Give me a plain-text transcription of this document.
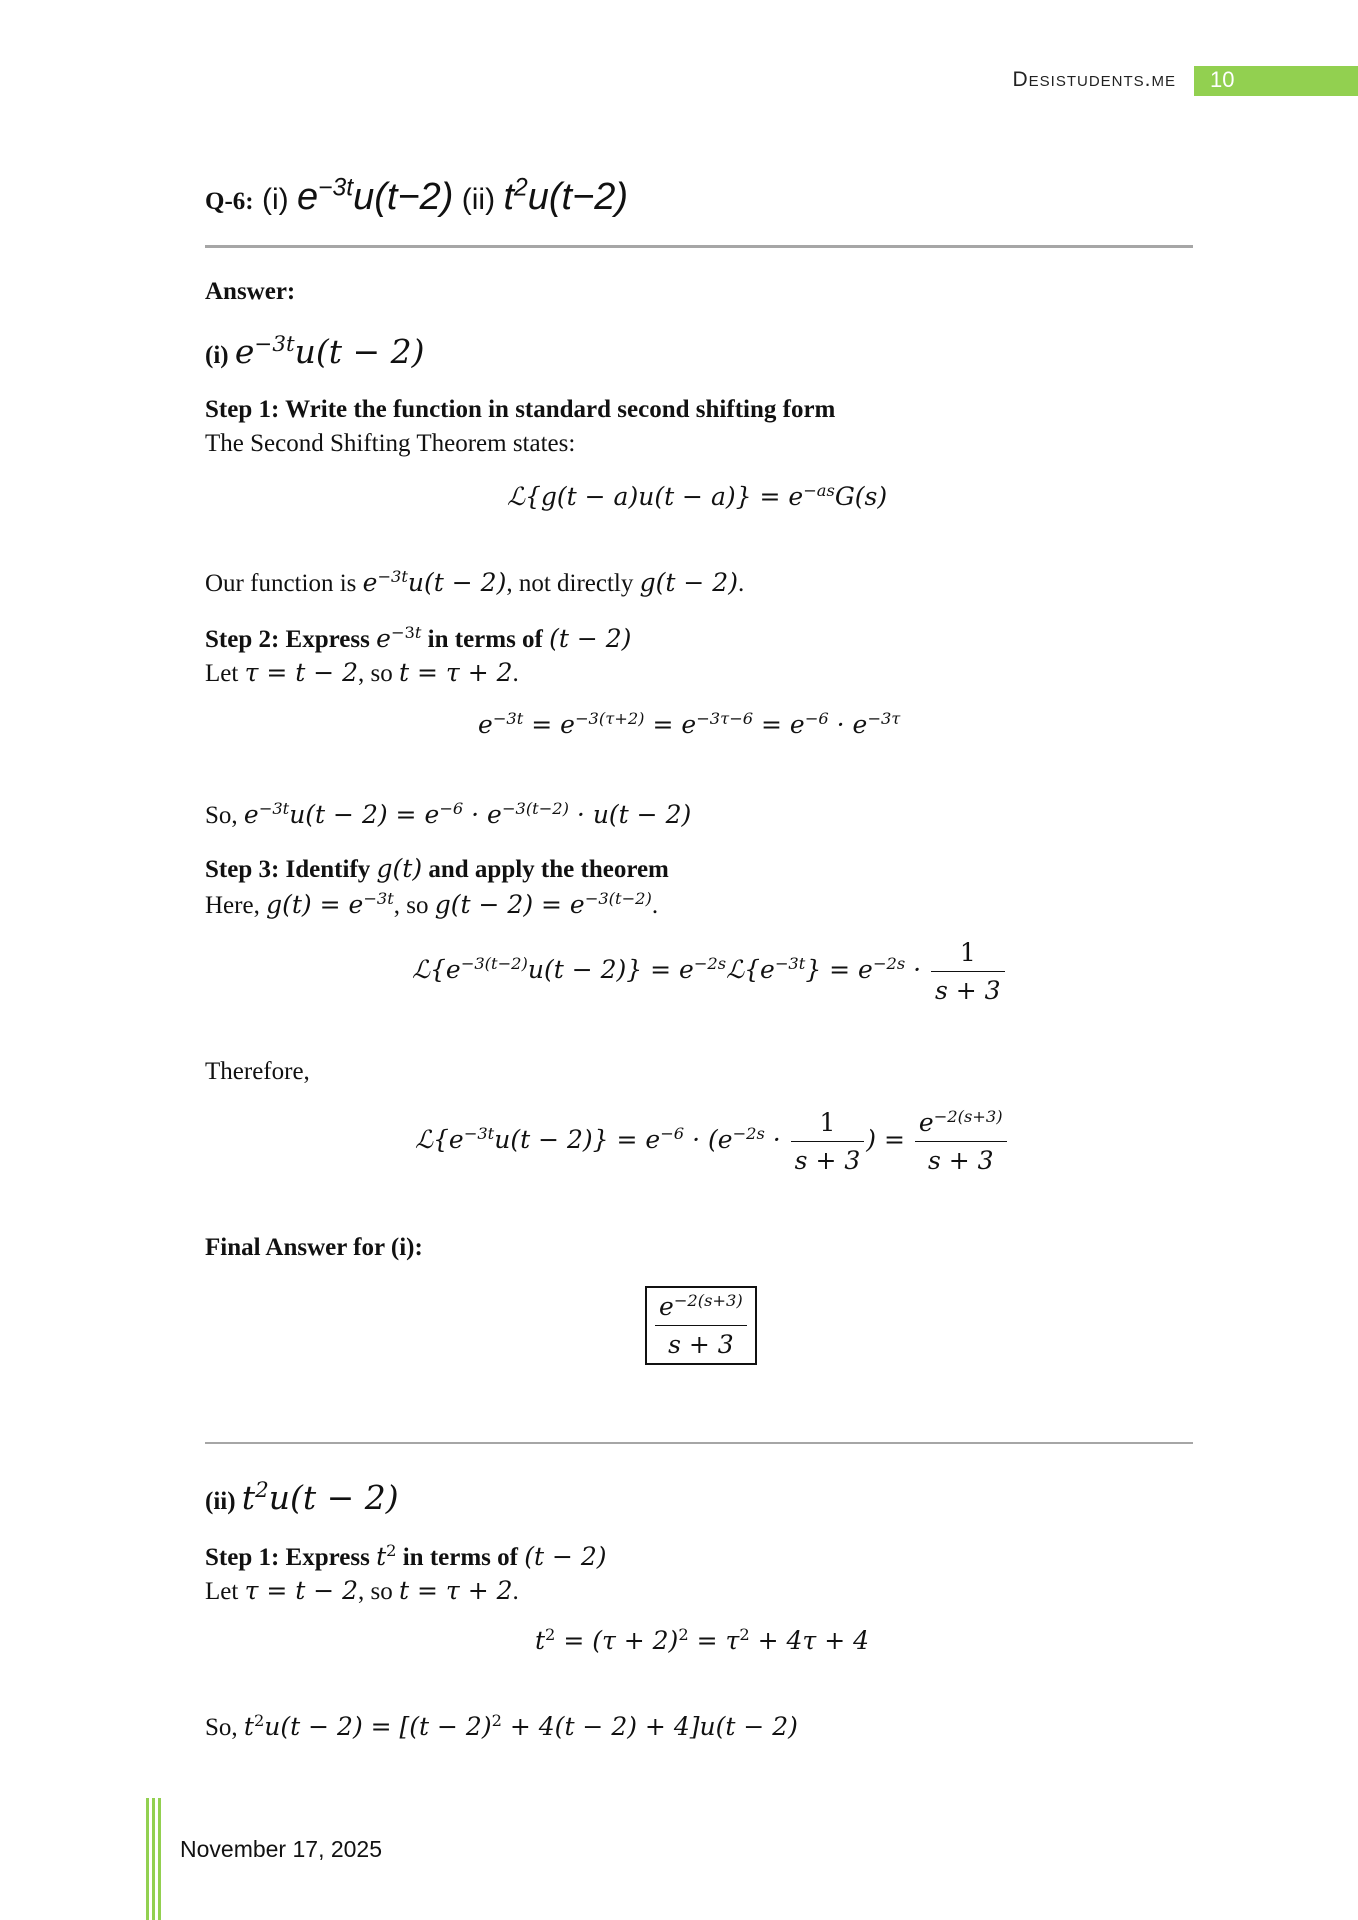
Desistudents.me 10
Q-6: (i) $e^{-3t}u(t-2)$ (ii) $t^2u(t-2)$
Answer:
(i) $e^{-3t}u(t - 2)$
Step 1: Write the function in standard second shifting form
The Second Shifting Theorem states:
ℒ{g(t − $a)u(t - a)\} = e^{-as}G(s)$
Our function is $e^{-3t}u(t - 2)$, not directly g(t − 2).
Step 2: Express $e^{-3t}$ in terms of (t − 2)
Let τ = t − 2, so t = τ + 2.
$e^{-3t} = e^{-3(\tau+2)} = e^{-3\tau-6} = e^{-6} \cdot e^{-3\tau}$
So, $e^{-3t}u(t - 2) = e^{-6} \cdot e^{-3(t-2)} \cdot u(t - 2)$
Step 3: Identify g(t) and apply the theorem
Here, $g(t) = e^{-3t}$, so $g(t - 2) = e^{-3(t-2)}$.
$ℒ\{e^{-3(t-2)}u(t - 2)\}$ = $e^{-2s}ℒ\{e^{-3t}\} = e^{-2s} \cdot \frac{1}{s + 3}$
Therefore,
$ℒ\{e^{-3t}u(t - 2)\} = e^{-6} \cdot (e^{-2s} \cdot \frac{1}{s + 3}$ ) = $\frac{e^{-2(s+3)}}{s + 3}$
Final Answer for (i):
$\frac{e^{-2(s+3)}}{s + 3}$
(ii) $t^2u(t - 2)$
Step 1: Express $t^2$ in terms of (t − 2)
Let τ = t − 2, so t = τ + 2.
$t^2 = (\tau + 2)^2 = \tau^2 + 4\tau + 4$
So, $t^2u(t - 2) = [(t - 2)^2 + 4(t - 2) + 4]u(t - 2)$
November 17, 2025
